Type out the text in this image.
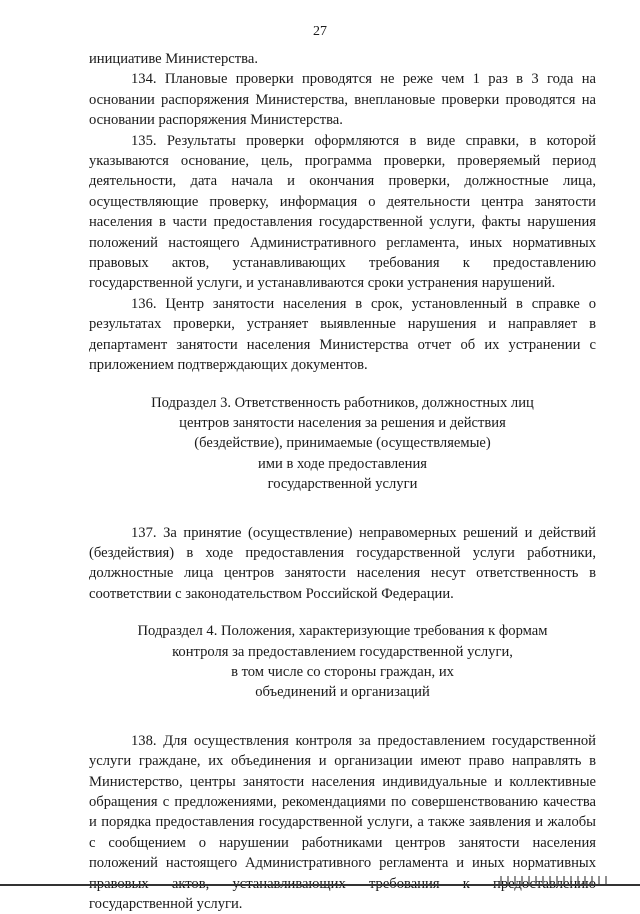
27

инициативе Министерства.

134. Плановые проверки проводятся не реже чем 1 раз в 3 года на основании распоряжения Министерства, внеплановые проверки проводятся на основании распоряжения Министерства.

135. Результаты проверки оформляются в виде справки, в которой указываются основание, цель, программа проверки, проверяемый период деятельности, дата начала и окончания проверки, должностные лица, осуществляющие проверку, информация о деятельности центра занятости населения в части предоставления государственной услуги, факты нарушения положений настоящего Административного регламента, иных нормативных правовых актов, устанавливающих требования к предоставлению государственной услуги, и устанавливаются сроки устранения нарушений.

136. Центр занятости населения в срок, установленный в справке о результатах проверки, устраняет выявленные нарушения и направляет в департамент занятости населения Министерства отчет об их устранении с приложением подтверждающих документов.

Подраздел 3. Ответственность работников, должностных лиц
центров занятости населения за решения и действия
(бездействие), принимаемые (осуществляемые)
ими в ходе предоставления
государственной услуги

137. За принятие (осуществление) неправомерных решений и действий (бездействия) в ходе предоставления государственной услуги работники, должностные лица центров занятости населения несут ответственность в соответствии с законодательством Российской Федерации.

Подраздел 4. Положения, характеризующие требования к формам
контроля за предоставлением государственной услуги,
в том числе со стороны граждан, их
объединений и организаций

138. Для осуществления контроля за предоставлением государственной услуги граждане, их объединения и организации имеют право направлять в Министерство, центры занятости населения индивидуальные и коллективные обращения с предложениями, рекомендациями по совершенствованию качества и порядка предоставления государственной услуги, а также заявления и жалобы с сообщением о нарушении работниками центров занятости населения положений настоящего Административного регламента и иных нормативных государственной услуги.
